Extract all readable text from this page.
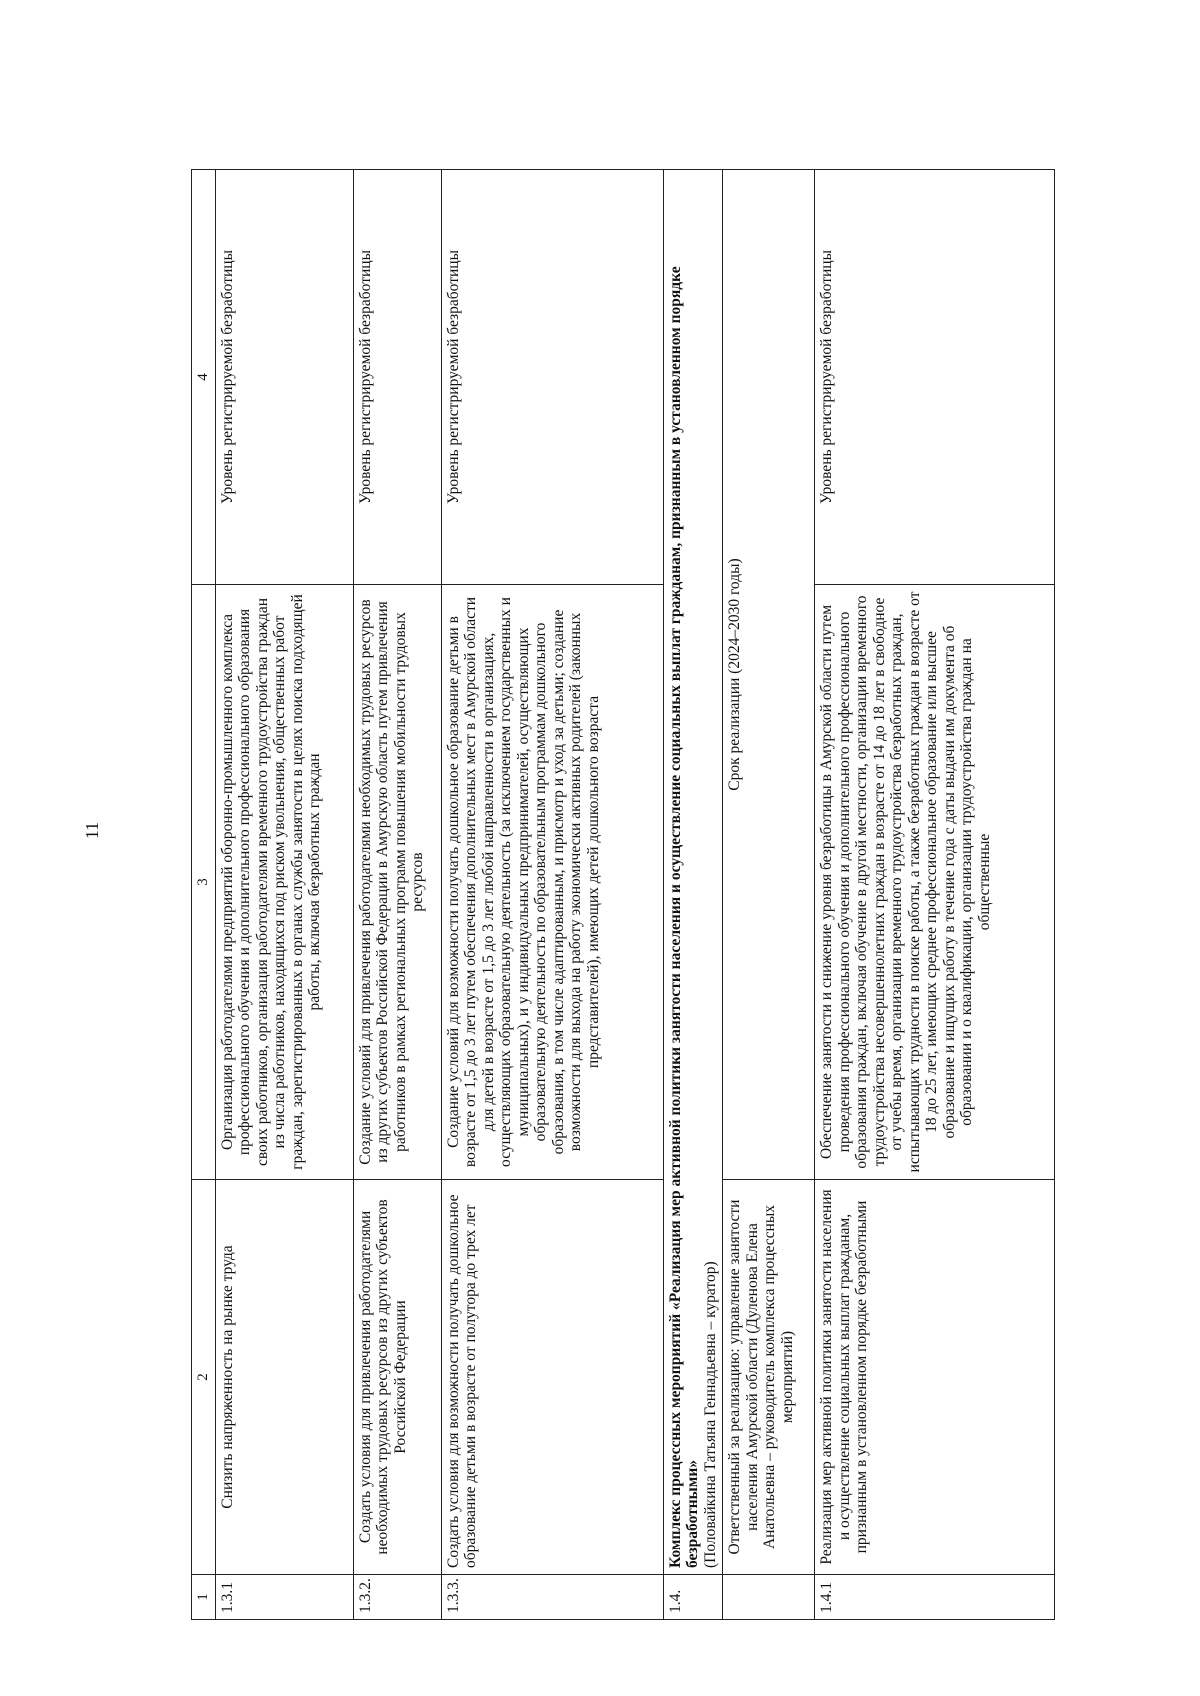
11
1	2	3	4
1.3.1	Снизить напряженность на рынке труда	Организация работодателями предприятий оборонно-промышленного комплекса профессионального обучения и дополнительного профессионального образования своих работников, организация работодателями временного трудоустройства граждан из числа работников, находящихся под риском увольнения, общественных работ граждан, зарегистрированных в органах службы занятости в целях поиска подходящей работы, включая безработных граждан	Уровень регистрируемой безработицы
1.3.2.	Создать условия для привлечения работодателями необходимых трудовых ресурсов из других субъектов Российской Федерации	Создание условий для привлечения работодателями необходимых трудовых ресурсов из других субъектов Российской Федерации в Амурскую область путем привлечения работников в рамках региональных программ повышения мобильности трудовых ресурсов	Уровень регистрируемой безработицы
1.3.3.	Создать условия для возможности получать дошкольное образование детьми в возрасте от полутора до трех лет	Создание условий для возможности получать дошкольное образование детьми в возрасте от 1,5 до 3 лет путем обеспечения дополнительных мест в Амурской области для детей в возрасте от 1,5 до 3 лет любой направленности в организациях, осуществляющих образовательную деятельность (за исключением государственных и муниципальных), и у индивидуальных предпринимателей, осуществляющих образовательную деятельность по образовательным программам дошкольного образования, в том числе адаптированным, и присмотр и уход за детьми; создание возможности для выхода на работу экономически активных родителей (законных представителей), имеющих детей дошкольного возраста	Уровень регистрируемой безработицы
1.4.	Комплекс процессных мероприятий «Реализация мер активной политики занятости населения и осуществление социальных выплат гражданам, признанным в установленном порядке безработными»
(Половайкина Татьяна Геннадьевна – куратор)		
	Ответственный за реализацию: управление занятости населения Амурской области (Дуленова Елена Анатольевна – руководитель комплекса процессных мероприятий)	Срок реализации (2024–2030 годы)	
1.4.1	Реализация мер активной политики занятости населения и осуществление социальных выплат гражданам, признанным в установленном порядке безработными	Обеспечение занятости и снижение уровня безработицы в Амурской области путем проведения профессионального обучения и дополнительного профессионального образования граждан, включая обучение в другой местности, организации временного трудоустройства несовершеннолетних граждан в возрасте от 14 до 18 лет в свободное от учебы время, организации временного трудоустройства безработных граждан, испытывающих трудности в поиске работы, а также безработных граждан в возрасте от 18 до 25 лет, имеющих среднее профессиональное образование или высшее образование и ищущих работу в течение года с даты выдачи им документа об образовании и о квалификации, организации трудоустройства граждан на общественные	Уровень регистрируемой безработицы
